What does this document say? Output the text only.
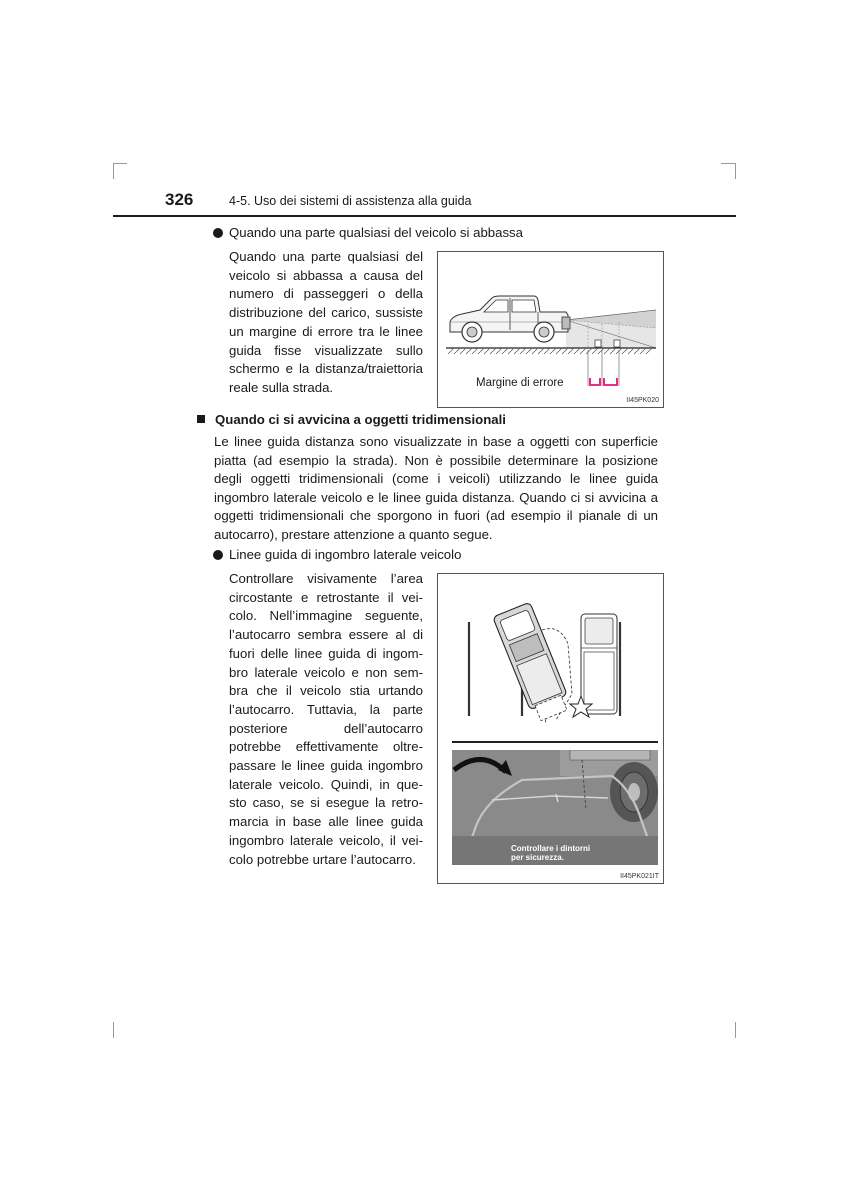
326	4-5. Uso dei sistemi di assistenza alla guida
Quando una parte qualsiasi del veicolo si abbassa
Quando una parte qualsiasi del
veicolo si abbassa a causa del
numero di passeggeri o della
distribuzione del carico, sussiste
un margine di errore tra le linee
guida fisse visualizzate sullo
schermo e la distanza/traiettoria
reale sulla strada.	Margine di errore
II45PK020
Quando ci si avvicina a oggetti tridimensionali
Le linee guida distanza sono visualizzate in base a oggetti con superficie
piatta (ad esempio la strada). Non è possibile determinare la posizione
degli oggetti tridimensionali (come i veicoli) utilizzando le linee guida
ingombro laterale veicolo e le linee guida distanza. Quando ci si avvicina a
oggetti tridimensionali che sporgono in fuori (ad esempio il pianale di un
autocarro), prestare attenzione a quanto segue.
Linee guida di ingombro laterale veicolo
Controllare visivamente l’area
circostante e retrostante il vei-
colo. Nell’immagine seguente,
l’autocarro sembra essere al di
fuori delle linee guida di ingom-
bro laterale veicolo e non sem-
bra che il veicolo stia urtando
l’autocarro. Tuttavia, la parte
posteriore dell’autocarro
potrebbe effettivamente oltre-
passare le linee guida ingombro
laterale veicolo. Quindi, in que-
sto caso, se si esegue la retro-
marcia in base alle linee guida
ingombro laterale veicolo, il vei-
colo potrebbe urtare l’autocarro.
Controllare i dintorni
per sicurezza.
II45PK021IT
